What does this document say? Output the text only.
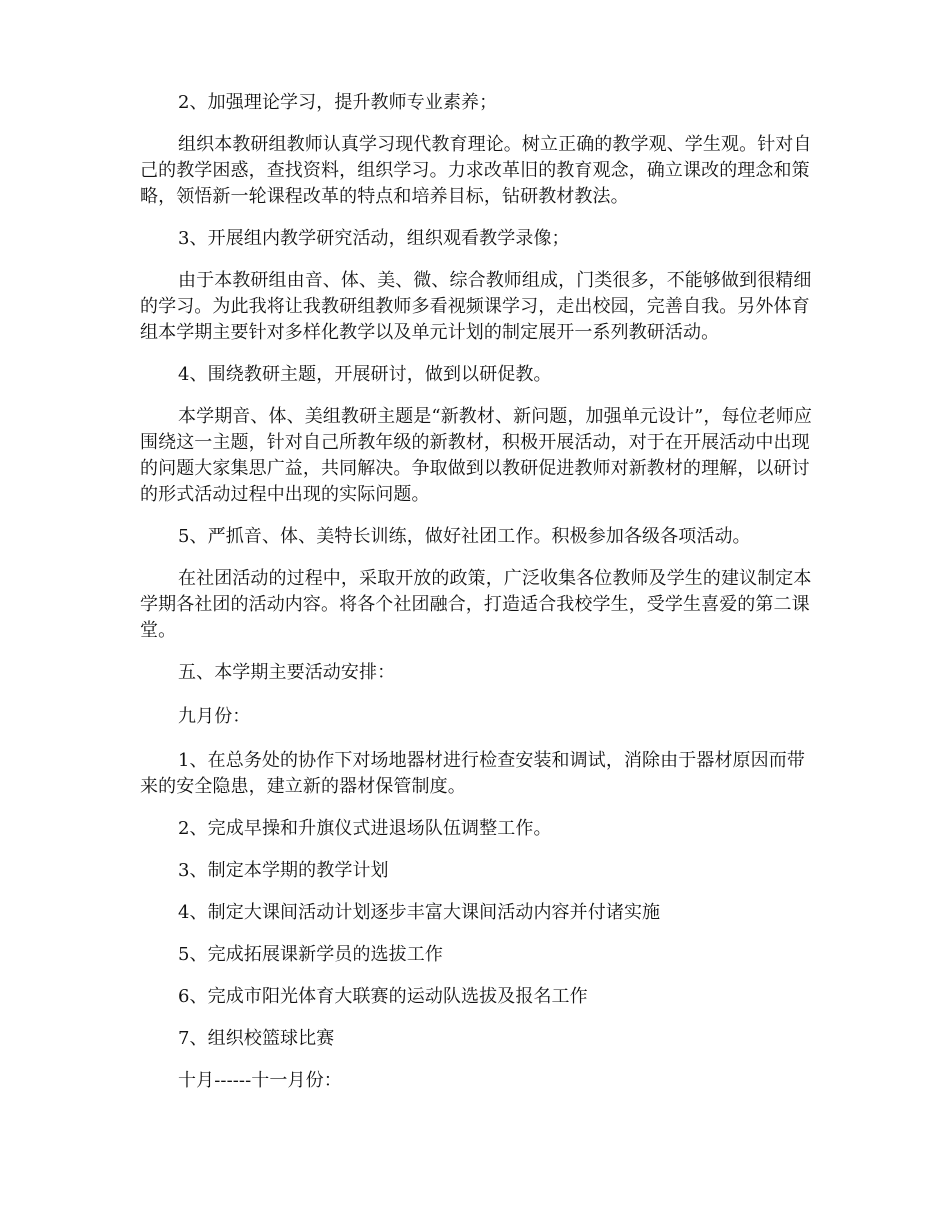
2、加强理论学习，提升教师专业素养；

组织本教研组教师认真学习现代教育理论。树立正确的教学观、学生观。针对自己的教学困惑，查找资料，组织学习。力求改革旧的教育观念，确立课改的理念和策略，领悟新一轮课程改革的特点和培养目标，钻研教材教法。

3、开展组内教学研究活动，组织观看教学录像；

由于本教研组由音、体、美、微、综合教师组成，门类很多，不能够做到很精细的学习。为此我将让我教研组教师多看视频课学习，走出校园，完善自我。另外体育组本学期主要针对多样化教学以及单元计划的制定展开一系列教研活动。

4、围绕教研主题，开展研讨，做到以研促教。

本学期音、体、美组教研主题是“新教材、新问题，加强单元设计”，每位老师应围绕这一主题，针对自己所教年级的新教材，积极开展活动，对于在开展活动中出现的问题大家集思广益，共同解决。争取做到以教研促进教师对新教材的理解，以研讨的形式活动过程中出现的实际问题。

5、严抓音、体、美特长训练，做好社团工作。积极参加各级各项活动。

在社团活动的过程中，采取开放的政策，广泛收集各位教师及学生的建议制定本学期各社团的活动内容。将各个社团融合，打造适合我校学生，受学生喜爱的第二课堂。

五、本学期主要活动安排：

九月份：

1、在总务处的协作下对场地器材进行检查安装和调试，消除由于器材原因而带来的安全隐患，建立新的器材保管制度。

2、完成早操和升旗仪式进退场队伍调整工作。

3、制定本学期的教学计划

4、制定大课间活动计划逐步丰富大课间活动内容并付诸实施

5、完成拓展课新学员的选拔工作

6、完成市阳光体育大联赛的运动队选拔及报名工作

7、组织校篮球比赛

十月------十一月份：
